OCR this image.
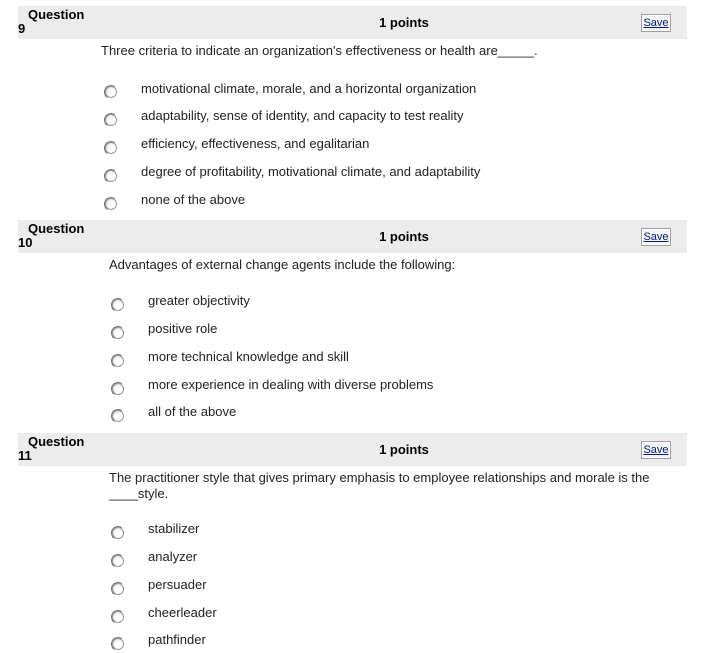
1 points	Save
Question
9
Three criteria to indicate an organization's effectiveness or health are_____.
motivational climate, morale, and a horizontal organization
adaptability, sense of identity, and capacity to test reality
efficiency, effectiveness, and egalitarian
degree of profitability, motivational climate, and adaptability
none of the above
1 points	Save
Question
10
Advantages of external change agents include the following:
greater objectivity
positive role
more technical knowledge and skill
more experience in dealing with diverse problems
all of the above
1 points	Save
Question
11
The practitioner style that gives primary emphasis to employee relationships and morale is the
____style.
stabilizer
analyzer
persuader
cheerleader
pathfinder
